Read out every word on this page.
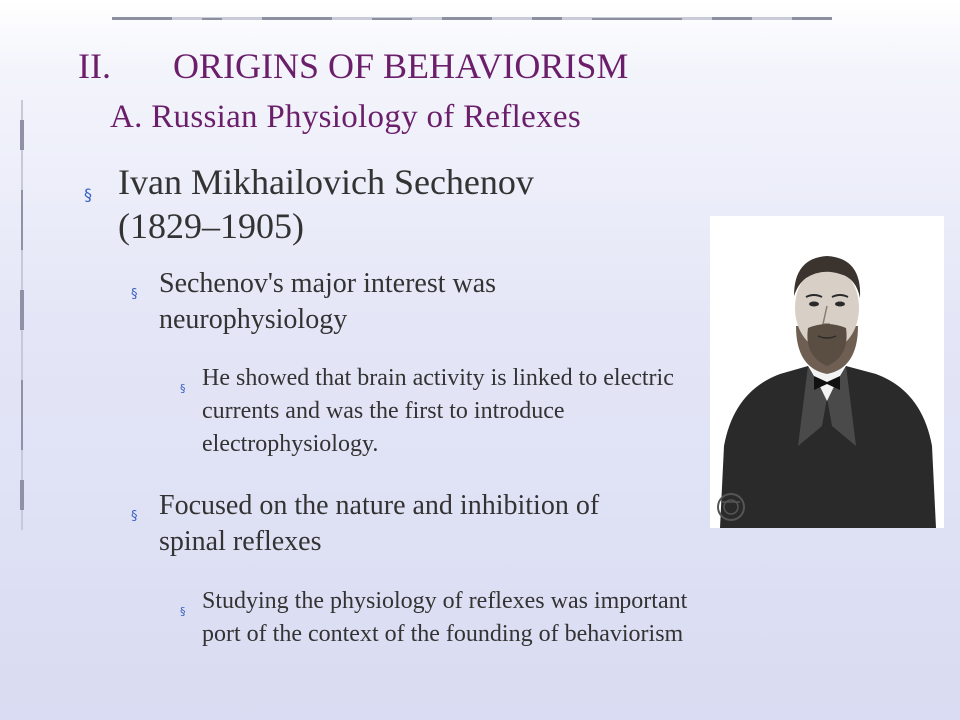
II. ORIGINS OF BEHAVIORISM
A. Russian Physiology of Reflexes
§ Ivan Mikhailovich Sechenov (1829–1905)
§ Sechenov's major interest was neurophysiology
§ He showed that brain activity is linked to electric currents and was the first to introduce electrophysiology.
§ Focused on the nature and inhibition of spinal reflexes
§ Studying the physiology of reflexes was important port of the context of the founding of behaviorism
